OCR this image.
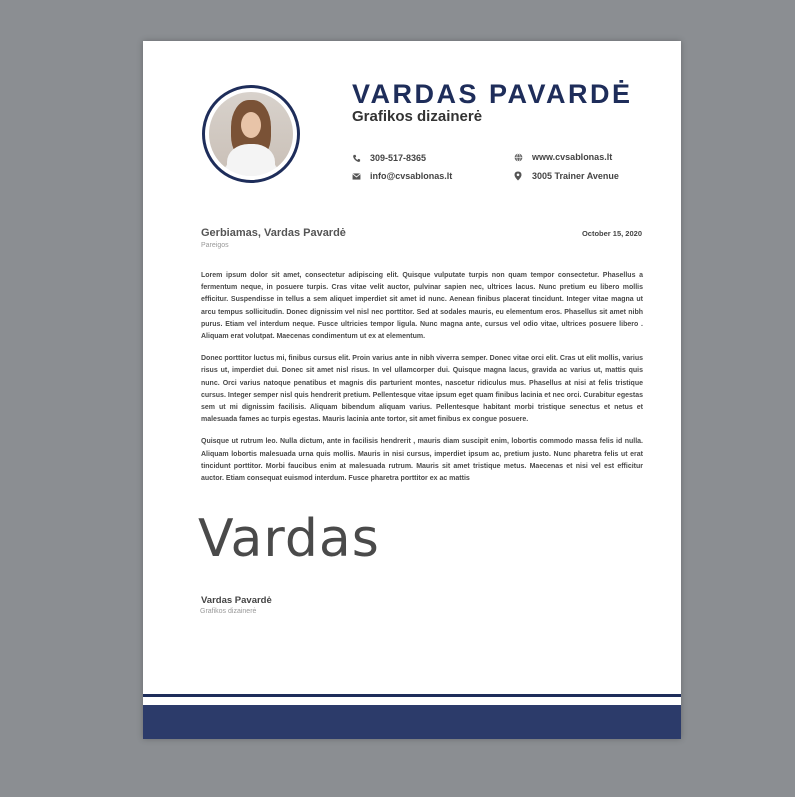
VARDAS PAVARDĖ
Grafikos dizainerė
309-517-8365
info@cvsablonas.lt
www.cvsablonas.lt
3005 Trainer Avenue
Gerbiamas, Vardas Pavardė
Pareigos
October 15, 2020

Lorem ipsum dolor sit amet, consectetur adipiscing elit. Quisque vulputate turpis non quam tempor consectetur. Phasellus a fermentum neque, in posuere turpis. Cras vitae velit auctor, pulvinar sapien nec, ultrices lacus. Nunc pretium eu libero mollis efficitur. Suspendisse in tellus a sem aliquet imperdiet sit amet id nunc. Aenean finibus placerat tincidunt. Integer vitae magna ut arcu tempus sollicitudin. Donec dignissim vel nisl nec porttitor. Sed at sodales mauris, eu elementum eros. Phasellus sit amet nibh purus. Etiam vel interdum neque. Fusce ultricies tempor ligula. Nunc magna ante, cursus vel odio vitae, ultrices posuere libero . Aliquam erat volutpat. Maecenas condimentum ut ex at elementum.

Donec porttitor luctus mi, finibus cursus elit. Proin varius ante in nibh viverra semper. Donec vitae orci elit. Cras ut elit mollis, varius risus ut, imperdiet dui. Donec sit amet nisl risus. In vel ullamcorper dui. Quisque magna lacus, gravida ac varius ut, mattis quis nunc. Orci varius natoque penatibus et magnis dis parturient montes, nascetur ridiculus mus. Phasellus at nisi at felis tristique cursus. Integer semper nisl quis hendrerit pretium. Pellentesque vitae ipsum eget quam finibus lacinia et nec orci. Curabitur egestas sem ut mi dignissim facilisis. Aliquam bibendum aliquam varius. Pellentesque habitant morbi tristique senectus et netus et malesuada fames ac turpis egestas. Mauris lacinia ante tortor, sit amet finibus ex congue posuere.

Quisque ut rutrum leo. Nulla dictum, ante in facilisis hendrerit , mauris diam suscipit enim, lobortis commodo massa felis id nulla. Aliquam lobortis malesuada urna quis mollis. Mauris in nisi cursus, imperdiet ipsum ac, pretium justo. Nunc pharetra felis ut erat tincidunt porttitor. Morbi faucibus enim at malesuada rutrum. Mauris sit amet tristique metus. Maecenas et nisi vel est efficitur auctor. Etiam consequat euismod interdum. Fusce pharetra porttitor ex ac mattis

Vardas
Vardas Pavardė
Grafikos dizainerė
